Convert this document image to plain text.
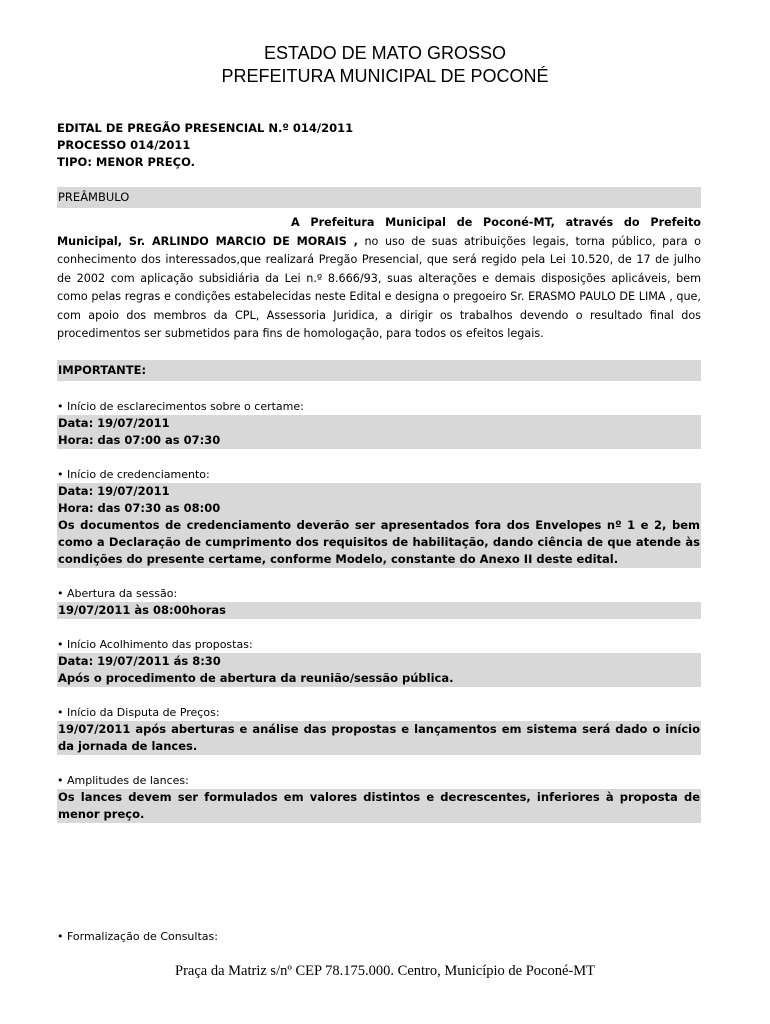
ESTADO DE MATO GROSSO
PREFEITURA MUNICIPAL DE POCONÉ
EDITAL DE PREGÃO PRESENCIAL N.º 014/2011
PROCESSO 014/2011
TIPO: MENOR PREÇO.
PREÂMBULO
A Prefeitura Municipal de Poconé-MT, através do Prefeito Municipal, Sr. ARLINDO MARCIO DE MORAIS , no uso de suas atribuições legais, torna público, para o conhecimento dos interessados,que realizará Pregão Presencial, que será regido pela Lei 10.520, de 17 de julho de 2002 com aplicação subsidiária da Lei n.º 8.666/93, suas alterações e demais disposições aplicáveis, bem como pelas regras e condições estabelecidas neste Edital e designa o pregoeiro Sr. ERASMO PAULO DE LIMA , que, com apoio dos membros da CPL, Assessoria Juridica, a dirigir os trabalhos devendo o resultado final dos procedimentos ser submetidos para fins de homologação, para todos os efeitos legais.
IMPORTANTE:
• Início de esclarecimentos sobre o certame:
Data: 19/07/2011
Hora: das 07:00 as 07:30
• Início de credenciamento:
Data: 19/07/2011
Hora: das 07:30 as 08:00
Os documentos de credenciamento deverão ser apresentados fora dos Envelopes nº 1 e 2, bem como a Declaração de cumprimento dos requisitos de habilitação, dando ciência de que atende às condições do presente certame, conforme Modelo, constante do Anexo II deste edital.
• Abertura da sessão:
19/07/2011 às 08:00horas
• Início Acolhimento das propostas:
Data: 19/07/2011 ás 8:30
Após o procedimento de abertura da reunião/sessão pública.
• Início da Disputa de Preços:
19/07/2011 após aberturas e análise das propostas e lançamentos em sistema será dado o início da jornada de lances.
• Amplitudes de lances:
Os lances devem ser formulados em valores distintos e decrescentes, inferiores à proposta de menor preço.
• Formalização de Consultas:
Praça da Matriz s/nº CEP 78.175.000. Centro, Município de Poconé-MT
